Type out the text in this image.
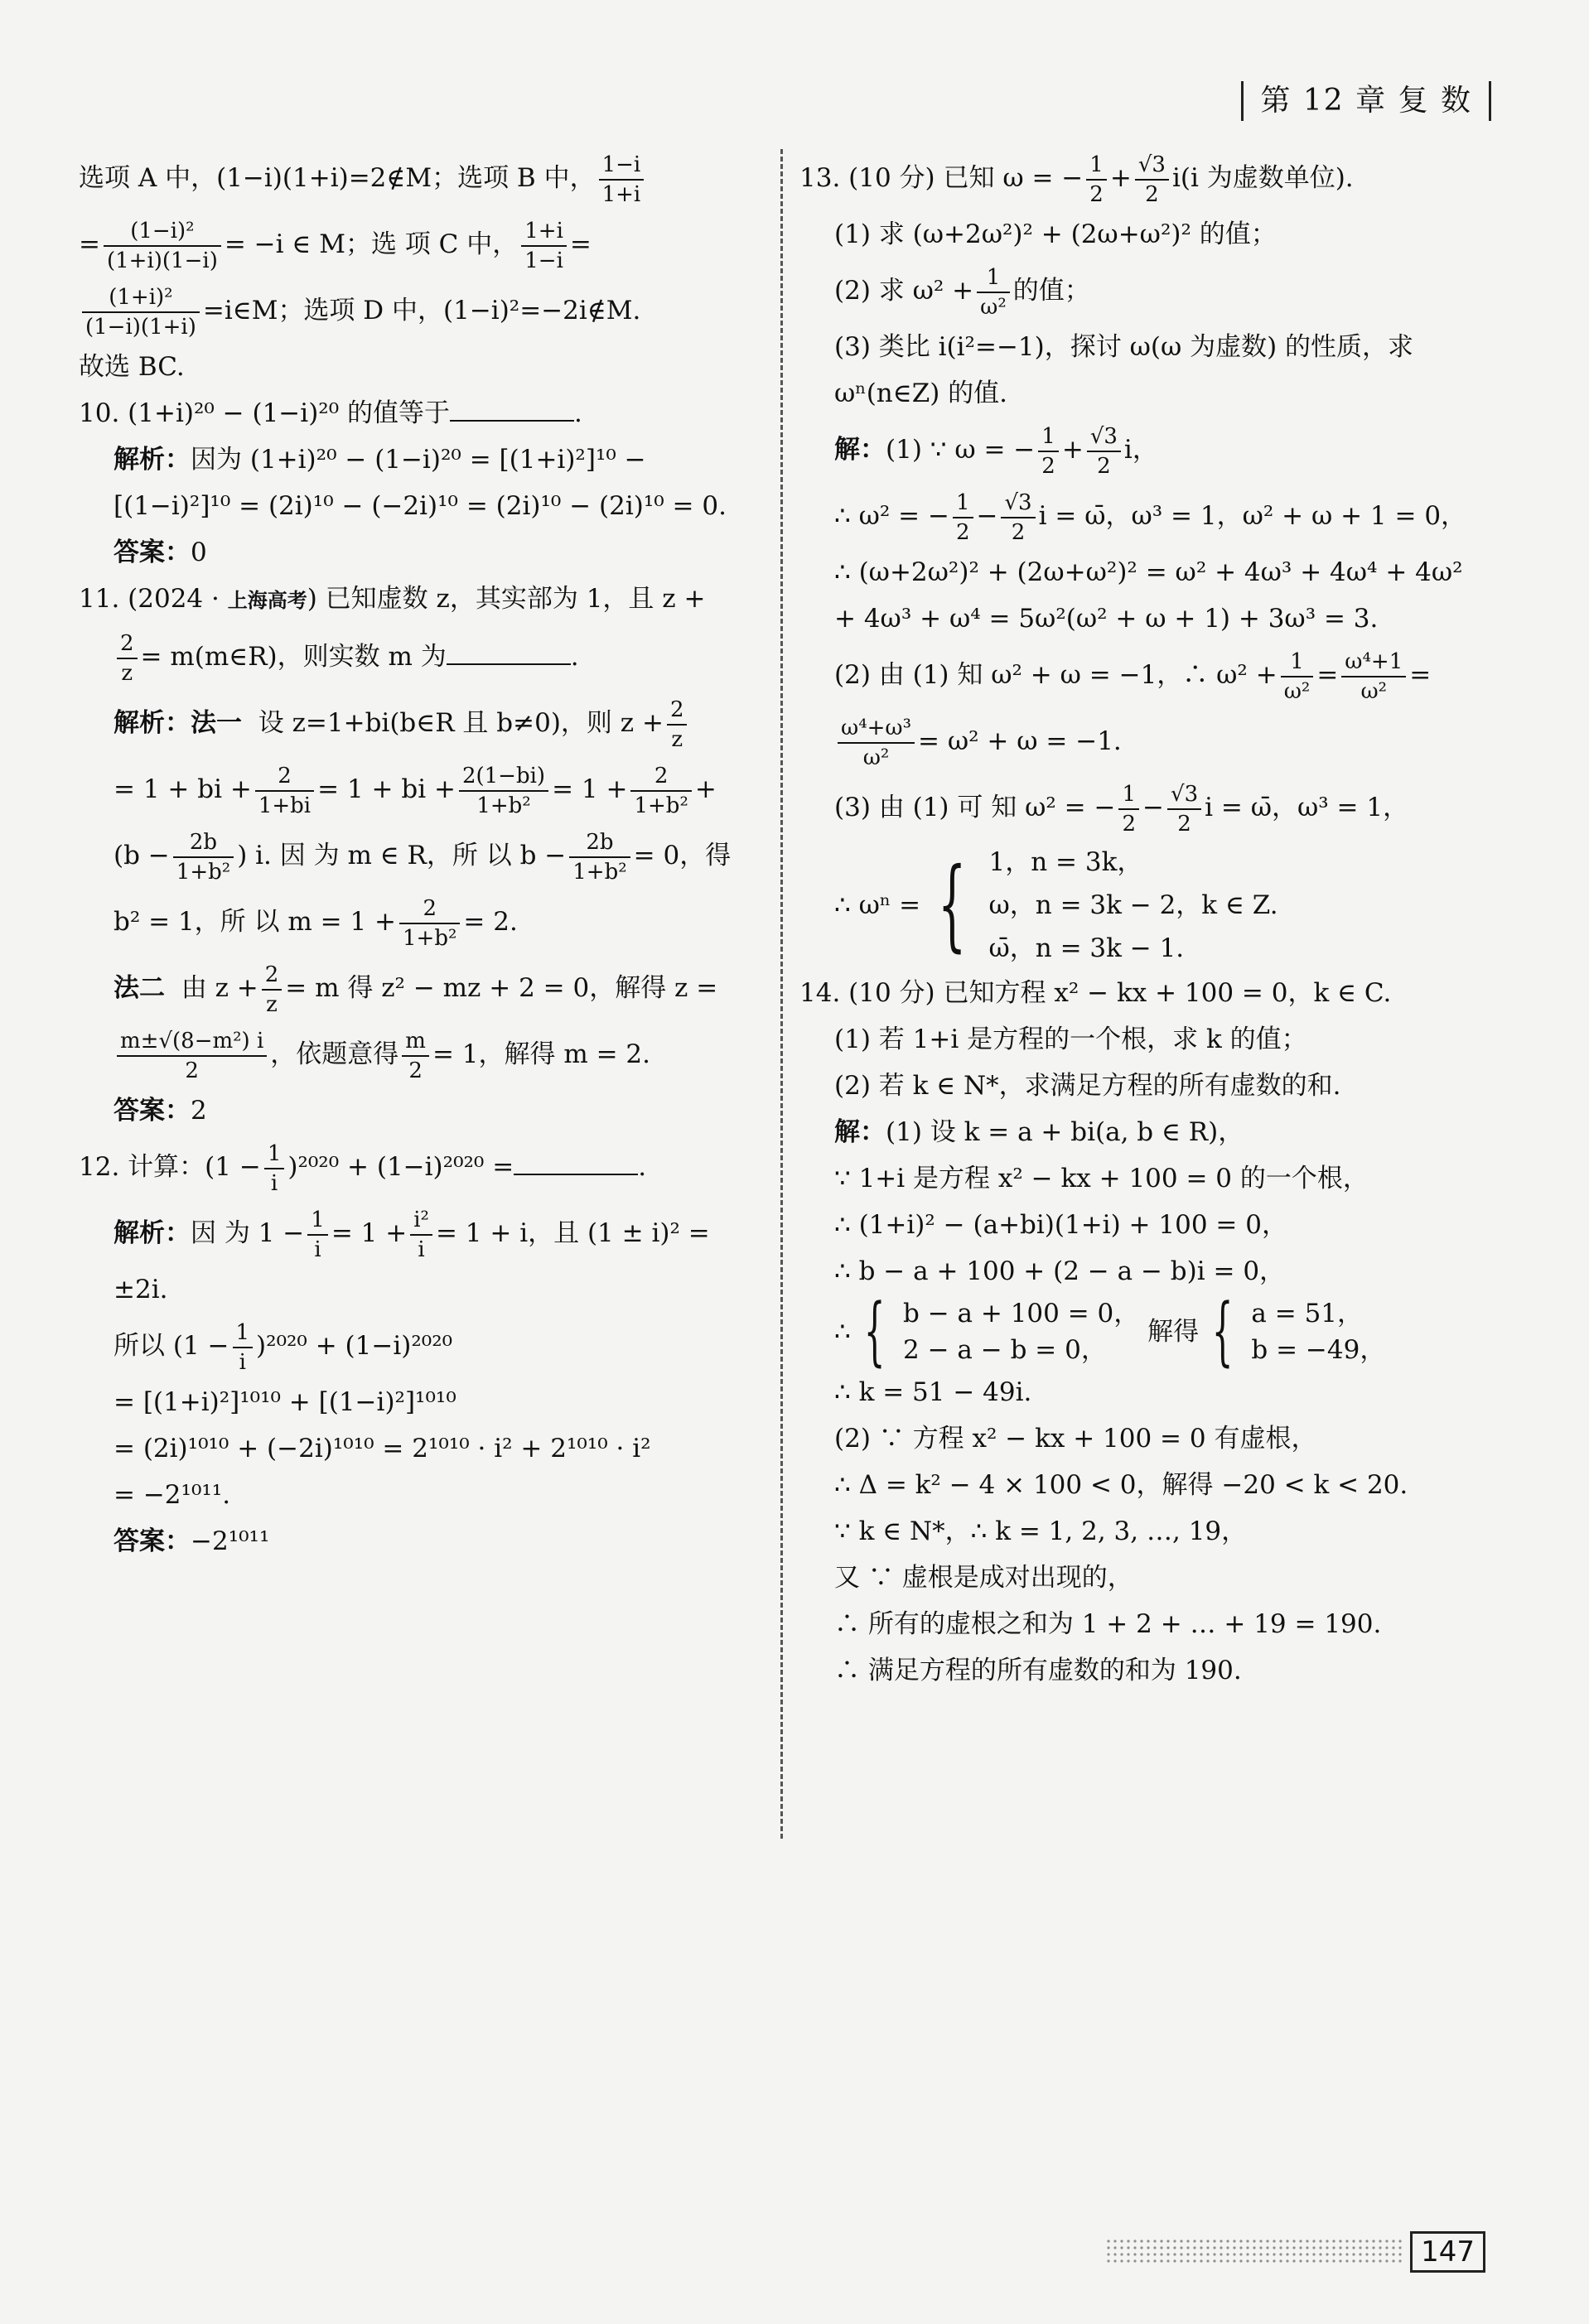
第 12 章 复 数
选项 A 中，(1−i)(1+i)=2∉M；选项 B 中， $\frac{1-i}{1+i}$
= $\frac{\text{(1−i)²}}{(1+i)(1-i)} = -i$ ∈ M；选 项 C 中， $\frac{1+i}{1-i}$ =
$\frac{\text{(1+i)²}}{(1-i)(1+i)}$ =i∈M；选项 D 中，(1−i)²=−2i∉M.
故选 BC.
10. (1+i)²⁰ − (1−i)²⁰ 的值等于	.
解析：因为 (1+i)²⁰ − (1−i)²⁰ = [(1+i)²]¹⁰ −
[(1−i)²]¹⁰ = (2i)¹⁰ − (−2i)¹⁰ = (2i)¹⁰ − (2i)¹⁰ = 0.
答案：0
11. (2024 · 上海高考) 已知虚数 z，其实部为 1，且 z +
$\frac{2}{z}$ = m(m∈R)，则实数 m 为	.
解析：法一 设 z=1+bi(b∈R 且 b≠0)，则 $z + \frac{2}{z}$
= 1 + bi + $\frac{2}{1+bi} = 1$ + bi + $\frac{2(1-bi)}{\text{1+b²}} = 1 + \frac{2}{\text{1+b²}}$ +
($b - \frac{2b}{\text{1+b²}}$ ) i. 因 为 m ∈ R，所 以 $b - \frac{2b}{\text{1+b²}} = 0$，得
b² = 1，所 以 $m = 1 + \frac{2}{\text{1+b²}} = 2$.
法二 由 $z + \frac{2}{z} = m$ 得 z² − mz + 2 = 0，解得 z =
$\frac{\text{m±√(8−m²) i}}{2}$ ，依题意得 $\frac{m}{2} = 1$，解得 m = 2.
答案：2
12. 计算：$(1 - \frac{1}{i} )^{2020} + (1-i)^{2020}$ =	.
解析：因 为 $1 - \frac{1}{i} = 1 + \frac{\text{i²}}{i} = 1 + i$，且 (1 ± i)² =
±2i.
所以 $(1 - \frac{1}{i} )^{2020} + (1-i)^{2020}$
= [(1+i)²]¹⁰¹⁰ + [(1−i)²]¹⁰¹⁰
= (2i)¹⁰¹⁰ + (−2i)¹⁰¹⁰ = 2¹⁰¹⁰ · i² + 2¹⁰¹⁰ · i²
= −2¹⁰¹¹.
答案：−2¹⁰¹¹
13. (10 分) 已知 ω = − $\frac{1}{2} + \frac{√3}{2} i(i$ 为虚数单位).
(1) 求 (ω+2ω²)² + (2ω+ω²)² 的值；
(2) 求 $\omega^2 + \frac{1}{\text{ω²}}$ 的值；
(3) 类比 i(i²=−1)，探讨 ω(ω 为虚数) 的性质，求
ωⁿ(n∈Z) 的值.
解：(1) ∵ ω = − $\frac{1}{2} + \frac{√3}{2}$ i，
∴ ω² = − $\frac{1}{2} - \frac{√3}{2}$ i = ω̄，ω³ = 1，ω² + ω + 1 = 0，
∴ (ω+2ω²)² + (2ω+ω²)² = ω² + 4ω³ + 4ω⁴ + 4ω²
+ 4ω³ + ω⁴ = 5ω²(ω² + ω + 1) + 3ω³ = 3.
(2) 由 (1) 知 ω² + ω = −1，∴ $\omega^2 + \frac{1}{\text{ω²}} = \frac{\text{ω⁴+1}}{\text{ω²}}$ =
$\frac{\text{ω⁴+ω³}}{\text{ω²}} = \omega^2 + \omega = -1$.
(3) 由 (1) 可 知 ω² = − $\frac{1}{2} - \frac{√3}{2}$ i = ω̄，ω³ = 1，
∴ ωⁿ = { 1，n = 3k，
ω，n = 3k − 2，k ∈ Z.
ω̄，n = 3k − 1.
14. (10 分) 已知方程 x² − kx + 100 = 0，k ∈ C.
(1) 若 1+i 是方程的一个根，求 k 的值；
(2) 若 k ∈ N*，求满足方程的所有虚数的和.
解：(1) 设 k = a + bi(a, b ∈ R)，
∵ 1+i 是方程 x² − kx + 100 = 0 的一个根，
∴ (1+i)² − (a+bi)(1+i) + 100 = 0，
∴ b − a + 100 + (2 − a − b)i = 0，
∴ { b − a + 100 = 0，
2 − a − b = 0，

解得 { a = 51，
b = −49，
∴ k = 51 − 49i.
(2) ∵ 方程 x² − kx + 100 = 0 有虚根，
∴ Δ = k² − 4 × 100 < 0，解得 −20 < k < 20.
∵ k ∈ N*，∴ k = 1, 2, 3, …, 19，
又 ∵ 虚根是成对出现的，
∴ 所有的虚根之和为 1 + 2 + … + 19 = 190.
∴ 满足方程的所有虚数的和为 190.
147
